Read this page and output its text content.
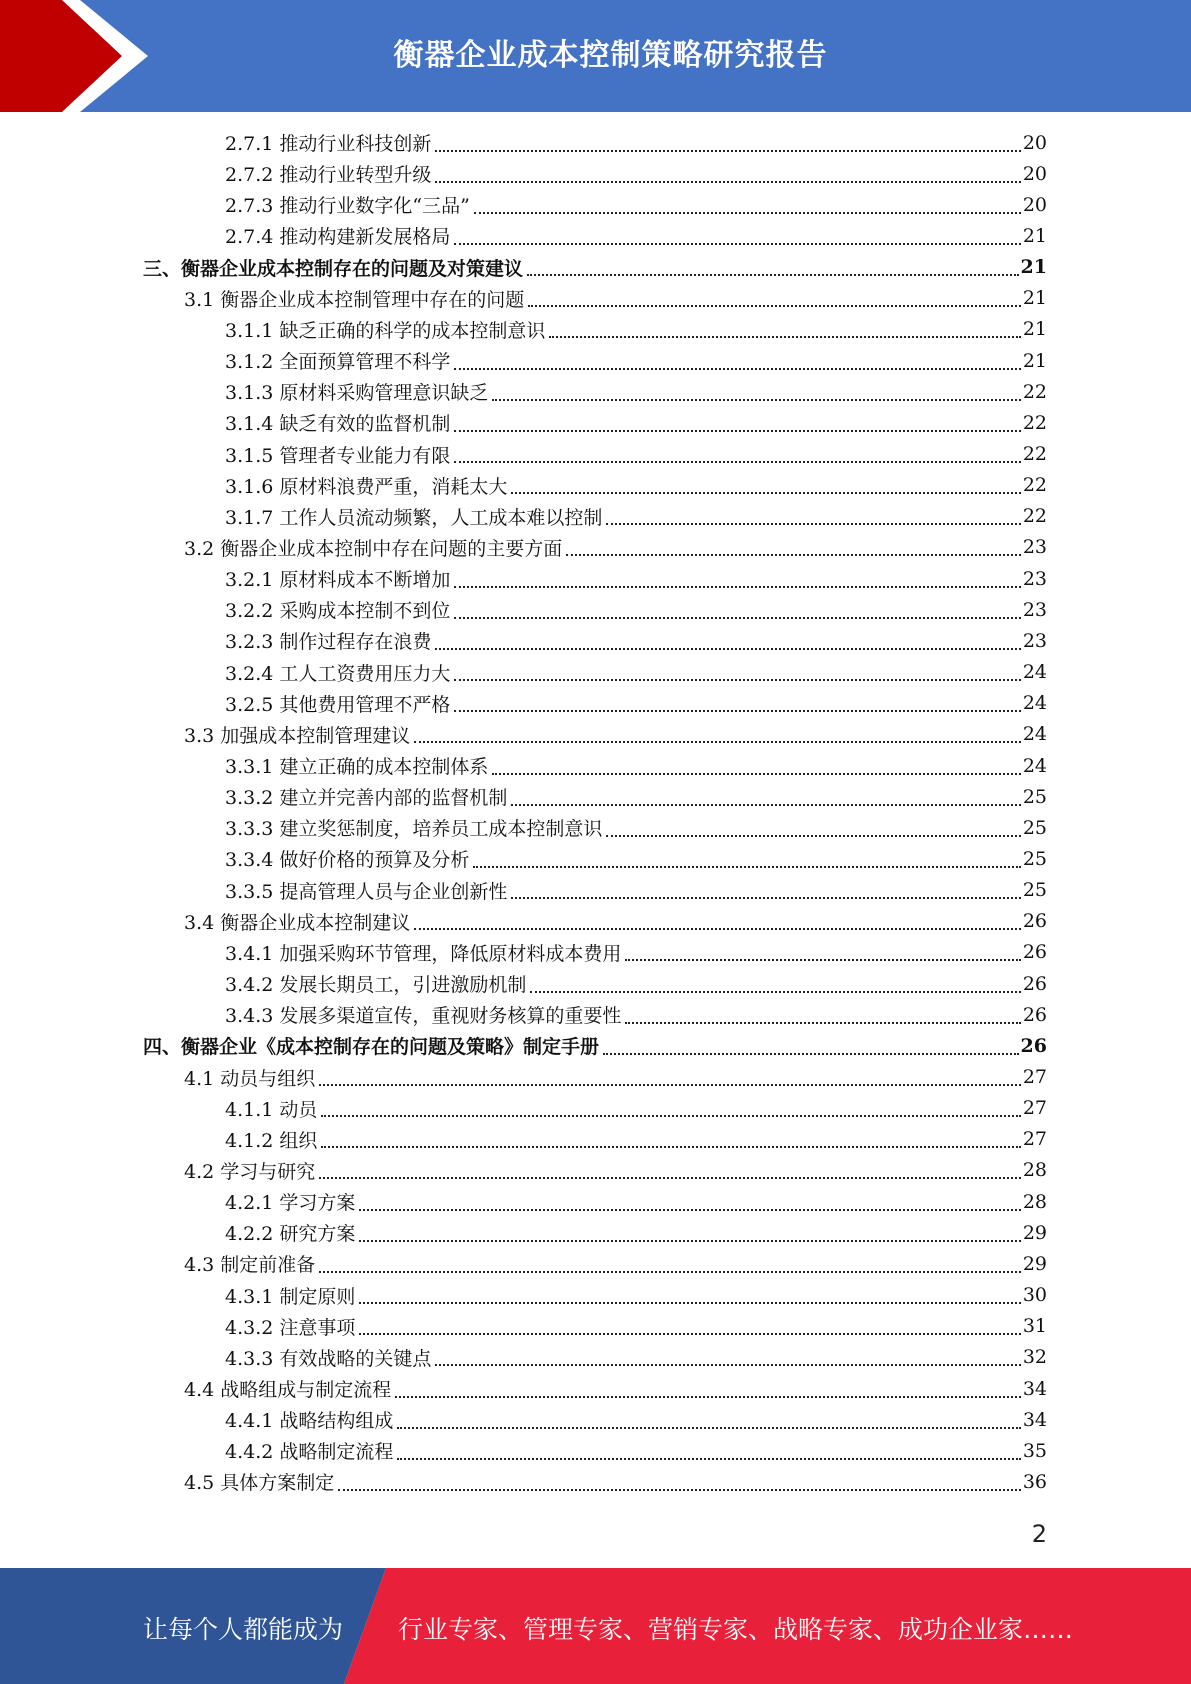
衡器企业成本控制策略研究报告
2.7.1 推动行业科技创新	20
2.7.2 推动行业转型升级	20
2.7.3 推动行业数字化“三品”	20
2.7.4 推动构建新发展格局	21
三、衡器企业成本控制存在的问题及对策建议	21
3.1 衡器企业成本控制管理中存在的问题	21
3.1.1 缺乏正确的科学的成本控制意识	21
3.1.2 全面预算管理不科学	21
3.1.3 原材料采购管理意识缺乏	22
3.1.4 缺乏有效的监督机制	22
3.1.5 管理者专业能力有限	22
3.1.6 原材料浪费严重，消耗太大	22
3.1.7 工作人员流动频繁，人工成本难以控制	22
3.2 衡器企业成本控制中存在问题的主要方面	23
3.2.1 原材料成本不断增加	23
3.2.2 采购成本控制不到位	23
3.2.3 制作过程存在浪费	23
3.2.4 工人工资费用压力大	24
3.2.5 其他费用管理不严格	24
3.3 加强成本控制管理建议	24
3.3.1 建立正确的成本控制体系	24
3.3.2 建立并完善内部的监督机制	25
3.3.3 建立奖惩制度，培养员工成本控制意识	25
3.3.4 做好价格的预算及分析	25
3.3.5 提高管理人员与企业创新性	25
3.4 衡器企业成本控制建议	26
3.4.1 加强采购环节管理，降低原材料成本费用	26
3.4.2 发展长期员工，引进激励机制	26
3.4.3 发展多渠道宣传，重视财务核算的重要性	26
四、衡器企业《成本控制存在的问题及策略》制定手册	26
4.1 动员与组织	27
4.1.1 动员	27
4.1.2 组织	27
4.2 学习与研究	28
4.2.1 学习方案	28
4.2.2 研究方案	29
4.3 制定前准备	29
4.3.1 制定原则	30
4.3.2 注意事项	31
4.3.3 有效战略的关键点	32
4.4 战略组成与制定流程	34
4.4.1 战略结构组成	34
4.4.2 战略制定流程	35
4.5 具体方案制定	36
2
让每个人都能成为 行业专家、管理专家、营销专家、战略专家、成功企业家……
